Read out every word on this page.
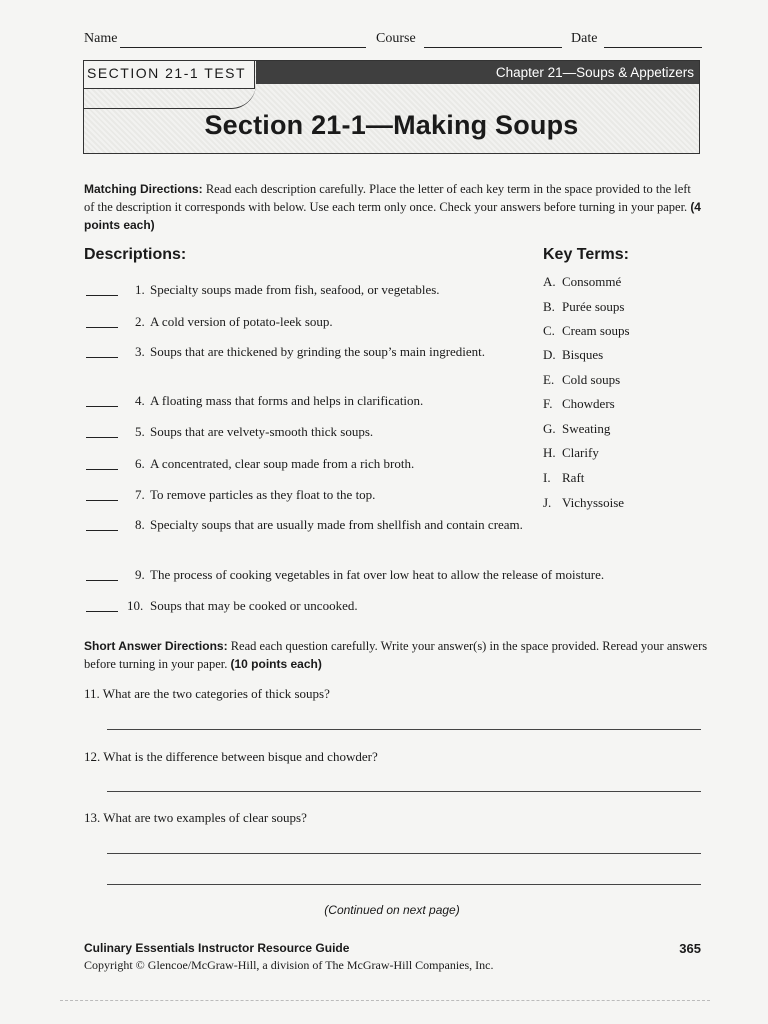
Name	Course	Date
Chapter 21—Soups & Appetizers
SECTION 21-1 TEST
Section 21-1—Making Soups
Matching Directions: Read each description carefully. Place the letter of each key term in the space provided to the left of the description it corresponds with below. Use each term only once. Check your answers before turning in your paper. (4 points each)
Descriptions:	Key Terms:
1. Specialty soups made from fish, seafood, or vegetables.
2. A cold version of potato-leek soup.
3. Soups that are thickened by grinding the soup’s main ingredient.
4. A floating mass that forms and helps in clarification.
5. Soups that are velvety-smooth thick soups.
6. A concentrated, clear soup made from a rich broth.
7. To remove particles as they float to the top.
8. Specialty soups that are usually made from shellfish and contain cream.
9. The process of cooking vegetables in fat over low heat to allow the release of moisture.
10. Soups that may be cooked or uncooked.
A. Consommé
B. Purée soups
C. Cream soups
D. Bisques
E. Cold soups
F. Chowders
G. Sweating
H. Clarify
I. Raft
J. Vichyssoise
Short Answer Directions: Read each question carefully. Write your answer(s) in the space provided. Reread your answers before turning in your paper. (10 points each)
11. What are the two categories of thick soups?
12. What is the difference between bisque and chowder?
13. What are two examples of clear soups?
(Continued on next page)
Culinary Essentials Instructor Resource Guide
Copyright © Glencoe/McGraw-Hill, a division of The McGraw-Hill Companies, Inc.
365
